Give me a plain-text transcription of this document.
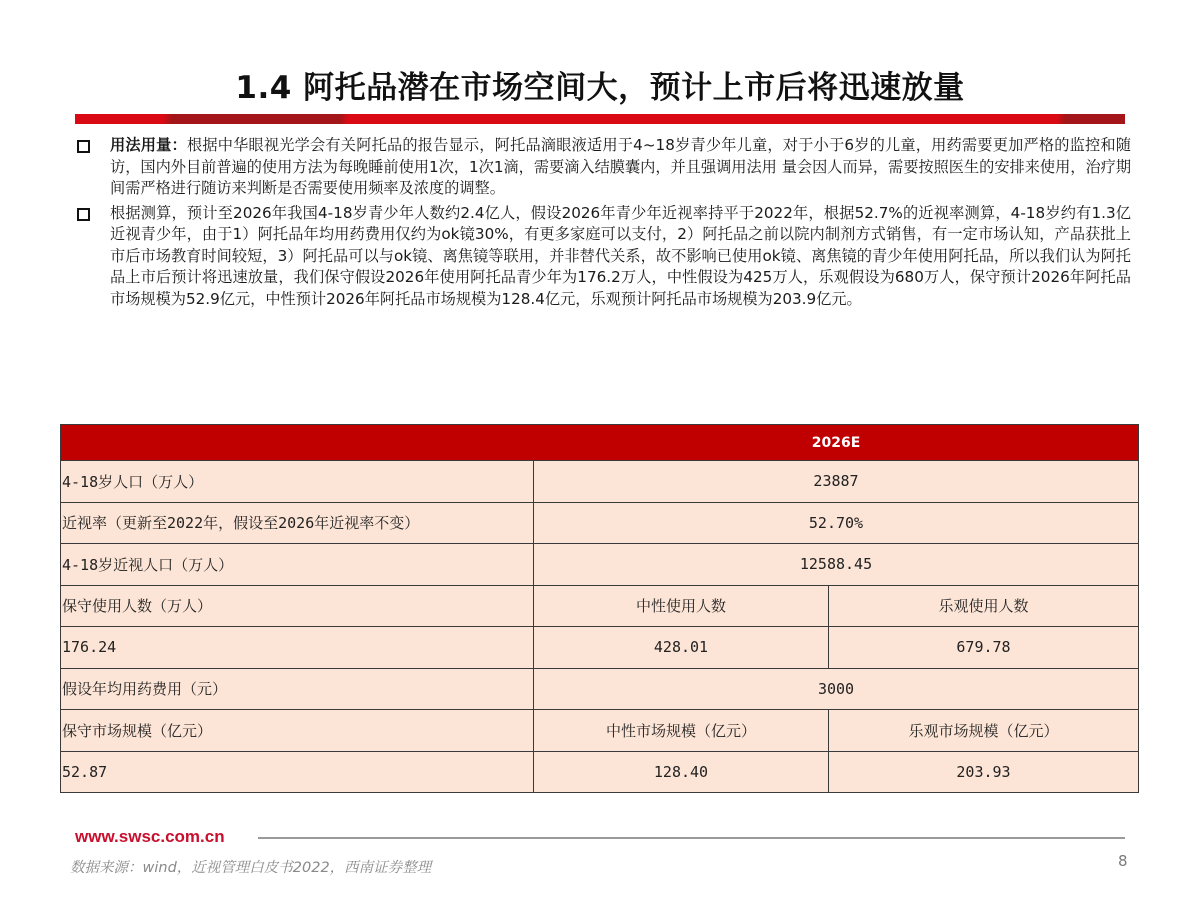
1.4 阿托品潜在市场空间大，预计上市后将迅速放量
用法用量：根据中华眼视光学会有关阿托品的报告显示，阿托品滴眼液适用于4~18岁青少年儿童，对于小于6岁的儿童，用药需要更加严格的监控和随访，国内外目前普遍的使用方法为每晚睡前使用1次，1次1滴，需要滴入结膜囊内，并且强调用法用 量会因人而异，需要按照医生的安排来使用，治疗期间需严格进行随访来判断是否需要使用频率及浓度的调整。
根据测算，预计至2026年我国4-18岁青少年人数约2.4亿人，假设2026年青少年近视率持平于2022年，根据52.7%的近视率测算，4-18岁约有1.3亿近视青少年，由于1）阿托品年均用药费用仅约为ok镜30%，有更多家庭可以支付，2）阿托品之前以院内制剂方式销售，有一定市场认知，产品获批上市后市场教育时间较短，3）阿托品可以与ok镜、离焦镜等联用，并非替代关系，故不影响已使用ok镜、离焦镜的青少年使用阿托品，所以我们认为阿托品上市后预计将迅速放量，我们保守假设2026年使用阿托品青少年为176.2万人，中性假设为425万人，乐观假设为680万人，保守预计2026年阿托品市场规模为52.9亿元，中性预计2026年阿托品市场规模为128.4亿元，乐观预计阿托品市场规模为203.9亿元。
	2026E	
4-18岁人口（万人）	23887	
近视率（更新至2022年，假设至2026年近视率不变）	52.70%	
4-18岁近视人口（万人）	12588.45	
保守使用人数（万人）	中性使用人数	乐观使用人数
176.24	428.01	679.78
假设年均用药费用（元）	3000	
保守市场规模（亿元）	中性市场规模（亿元）	乐观市场规模（亿元）
52.87	128.40	203.93
www.swsc.com.cn
数据来源：wind，近视管理白皮书2022，西南证券整理	8
